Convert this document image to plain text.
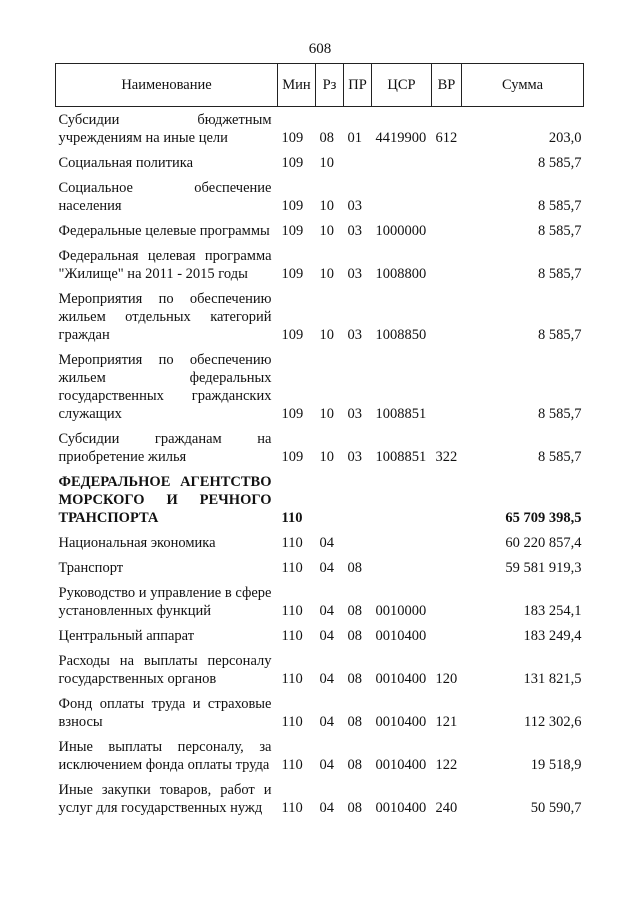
608
Наименование	Мин	Рз	ПР	ЦСР	ВР	Сумма
Субсидии бюджетным учреждениям на иные цели	109	08	01	4419900	612	203,0
Социальная политика	109	10				8 585,7
Социальное обеспечение населения	109	10	03			8 585,7
Федеральные целевые программы	109	10	03	1000000		8 585,7
Федеральная целевая программа "Жилище" на 2011 - 2015 годы	109	10	03	1008800		8 585,7
Мероприятия по обеспечению жильем отдельных категорий граждан	109	10	03	1008850		8 585,7
Мероприятия по обеспечению жильем федеральных государственных гражданских служащих	109	10	03	1008851		8 585,7
Субсидии гражданам на приобретение жилья	109	10	03	1008851	322	8 585,7
ФЕДЕРАЛЬНОЕ АГЕНТСТВО МОРСКОГО И РЕЧНОГО ТРАНСПОРТА	110					65 709 398,5
Национальная экономика	110	04				60 220 857,4
Транспорт	110	04	08			59 581 919,3
Руководство и управление в сфере установленных функций	110	04	08	0010000		183 254,1
Центральный аппарат	110	04	08	0010400		183 249,4
Расходы на выплаты персоналу государственных органов	110	04	08	0010400	120	131 821,5
Фонд оплаты труда и страховые взносы	110	04	08	0010400	121	112 302,6
Иные выплаты персоналу, за исключением фонда оплаты труда	110	04	08	0010400	122	19 518,9
Иные закупки товаров, работ и услуг для государственных нужд	110	04	08	0010400	240	50 590,7
